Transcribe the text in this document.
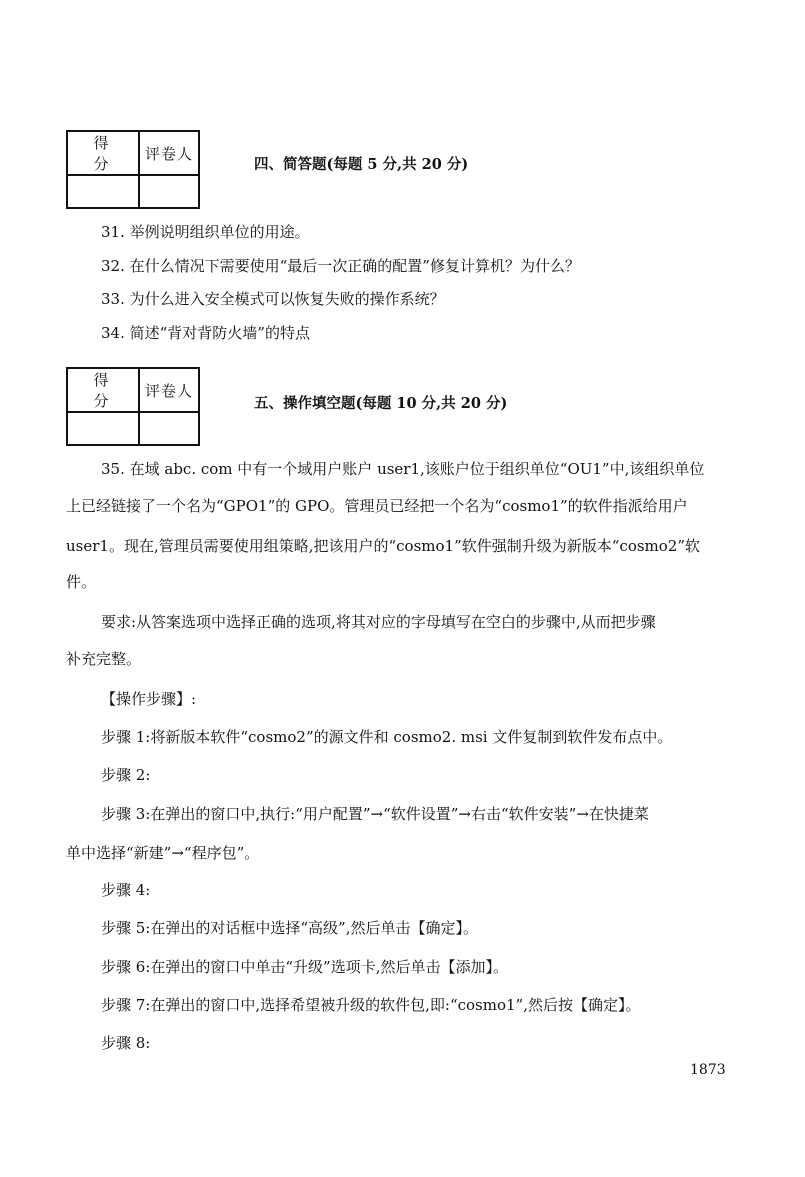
得 分	评卷人

四、简答题(每题 5 分,共 20 分)
31. 举例说明组织单位的用途。
32. 在什么情况下需要使用“最后一次正确的配置”修复计算机？为什么？
33. 为什么进入安全模式可以恢复失败的操作系统？
34. 简述“背对背防火墙”的特点
得 分	评卷人

五、操作填空题(每题 10 分,共 20 分)
35. 在域 abc. com 中有一个域用户账户 user1,该账户位于组织单位“OU1”中,该组织单位
上已经链接了一个名为“GPO1”的 GPO。管理员已经把一个名为“cosmo1”的软件指派给用户
user1。现在,管理员需要使用组策略,把该用户的“cosmo1”软件强制升级为新版本“cosmo2”软
件。
要求:从答案选项中选择正确的选项,将其对应的字母填写在空白的步骤中,从而把步骤
补充完整。
【操作步骤】:
步骤 1:将新版本软件“cosmo2”的源文件和 cosmo2. msi 文件复制到软件发布点中。
步骤 2:
步骤 3:在弹出的窗口中,执行:“用户配置”→“软件设置”→右击“软件安装”→在快捷菜
单中选择“新建”→“程序包”。
步骤 4:
步骤 5:在弹出的对话框中选择“高级”,然后单击【确定】。
步骤 6:在弹出的窗口中单击“升级”选项卡,然后单击【添加】。
步骤 7:在弹出的窗口中,选择希望被升级的软件包,即:“cosmo1”,然后按【确定】。
步骤 8:
1873
